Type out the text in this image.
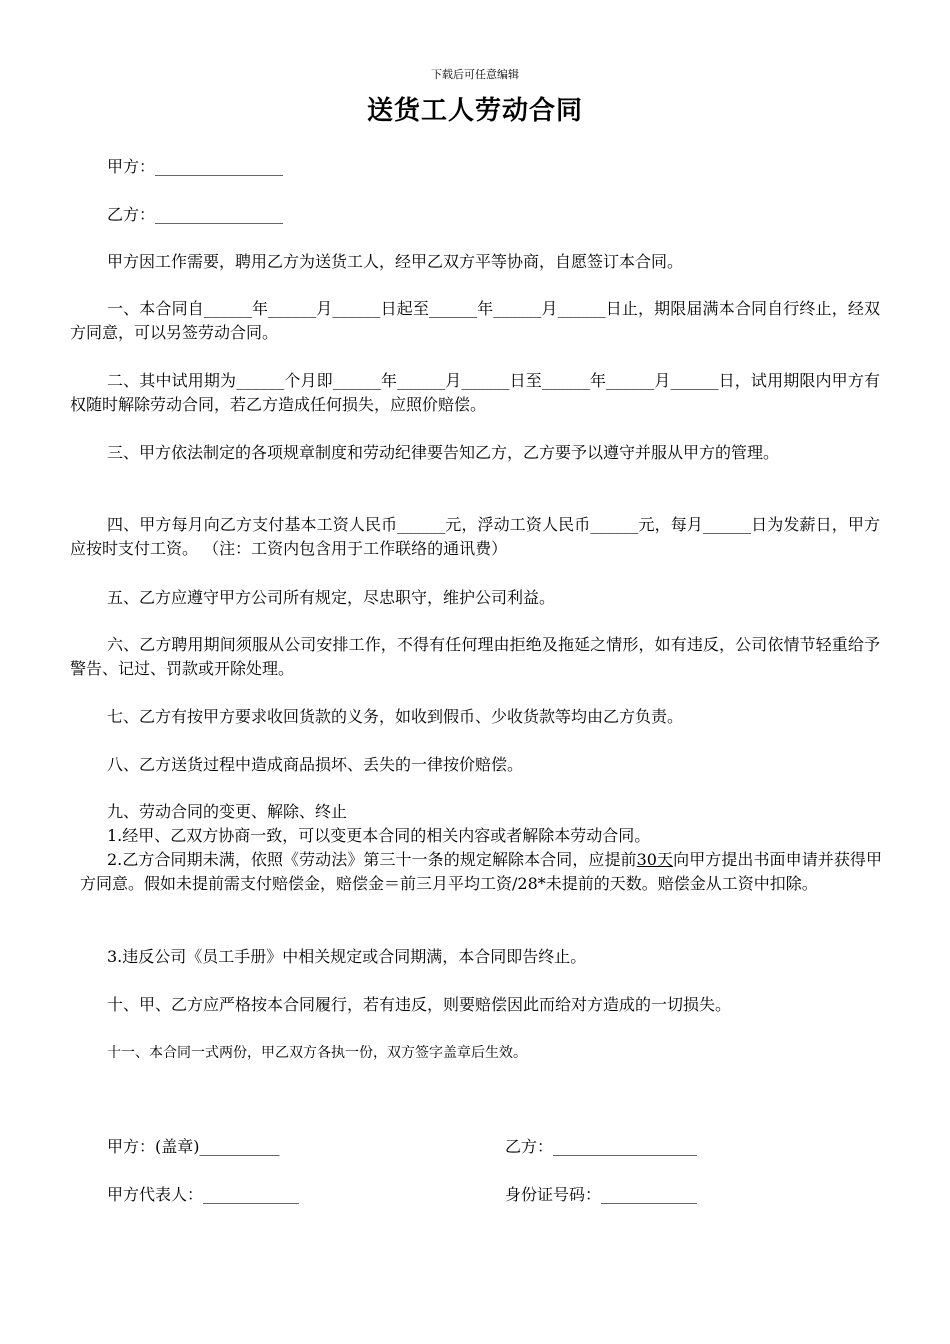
下载后可任意编辑
送货工人劳动合同
甲方：________________
乙方：________________
甲方因工作需要，聘用乙方为送货工人，经甲乙双方平等协商，自愿签订本合同。
一、本合同自______年______月______日起至______年______月______日止，期限届满本合同自行终止，经双方同意，可以另签劳动合同。
二、其中试用期为______个月即______年______月______日至______年______月______日，试用期限内甲方有权随时解除劳动合同，若乙方造成任何损失，应照价赔偿。
三、甲方依法制定的各项规章制度和劳动纪律要告知乙方，乙方要予以遵守并服从甲方的管理。
四、甲方每月向乙方支付基本工资人民币______元，浮动工资人民币______元，每月______日为发薪日，甲方应按时支付工资。 （注：工资内包含用于工作联络的通讯费）
五、乙方应遵守甲方公司所有规定，尽忠职守，维护公司利益。
六、乙方聘用期间须服从公司安排工作，不得有任何理由拒绝及拖延之情形，如有违反，公司依情节轻重给予警告、记过、罚款或开除处理。
七、乙方有按甲方要求收回货款的义务，如收到假币、少收货款等均由乙方负责。
八、乙方送货过程中造成商品损坏、丢失的一律按价赔偿。
九、劳动合同的变更、解除、终止
1.经甲、乙双方协商一致，可以变更本合同的相关内容或者解除本劳动合同。
2.乙方合同期未满，依照《劳动法》第三十一条的规定解除本合同，应提前30天向甲方提出书面申请并获得甲方同意。假如未提前需支付赔偿金，赔偿金＝前三月平均工资/28*未提前的天数。赔偿金从工资中扣除。
3.违反公司《员工手册》中相关规定或合同期满，本合同即告终止。
十、甲、乙方应严格按本合同履行，若有违反，则要赔偿因此而给对方造成的一切损失。
十一、本合同一式两份，甲乙双方各执一份，双方签字盖章后生效。
甲方：(盖章)__________	乙方：__________________
甲方代表人：____________	身份证号码：____________
